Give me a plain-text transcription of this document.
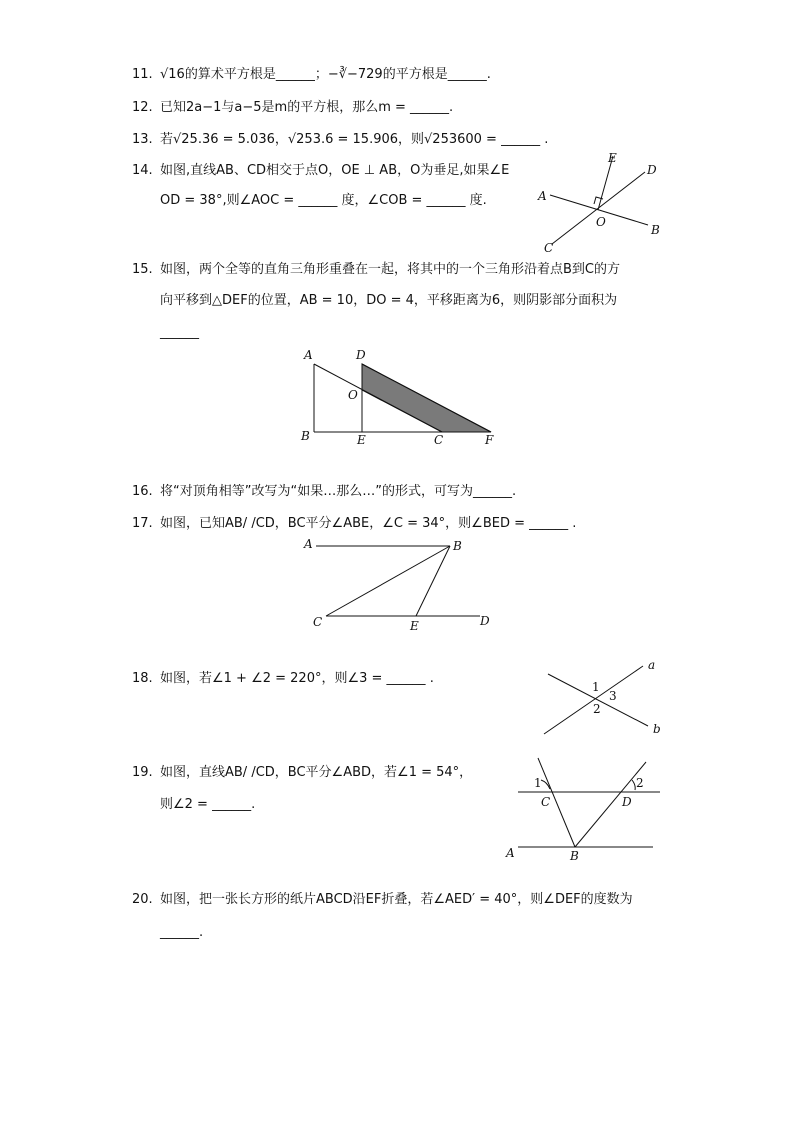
11. √16的算术平方根是______；−∛−729的平方根是______.
12. 已知2a−1与a−5是m的平方根，那么m = ______.
13. 若√25.36 = 5.036，√253.6 = 15.906，则√253600 = ______ .
14. 如图,直线AB、CD相交于点O，OE ⊥ AB，O为垂足,如果∠E
OD = 38°,则∠AOC = ______ 度，∠COB = ______ 度.
E
D
A
O
B
C
15. 如图，两个全等的直角三角形重叠在一起，将其中的一个三角形沿着点B到C的方
向平移到△DEF的位置，AB = 10，DO = 4，平移距离为6，则阴影部分面积为
______
A	D
O
B	E	C	F
16. 将“对顶角相等”改写为“如果…那么…”的形式，可写为______.
17. 如图，已知AB/ /CD，BC平分∠ABE，∠C = 34°，则∠BED = ______ .
A	B
C	E	D
18. 如图，若∠1 + ∠2 = 220°，则∠3 = ______ .
a
1
3
2
b
19. 如图，直线AB/ /CD，BC平分∠ABD，若∠1 = 54°，
则∠2 = ______.
1	2
C	D
A	B
20. 如图，把一张长方形的纸片ABCD沿EF折叠，若∠AED′ = 40°，则∠DEF的度数为
______.
